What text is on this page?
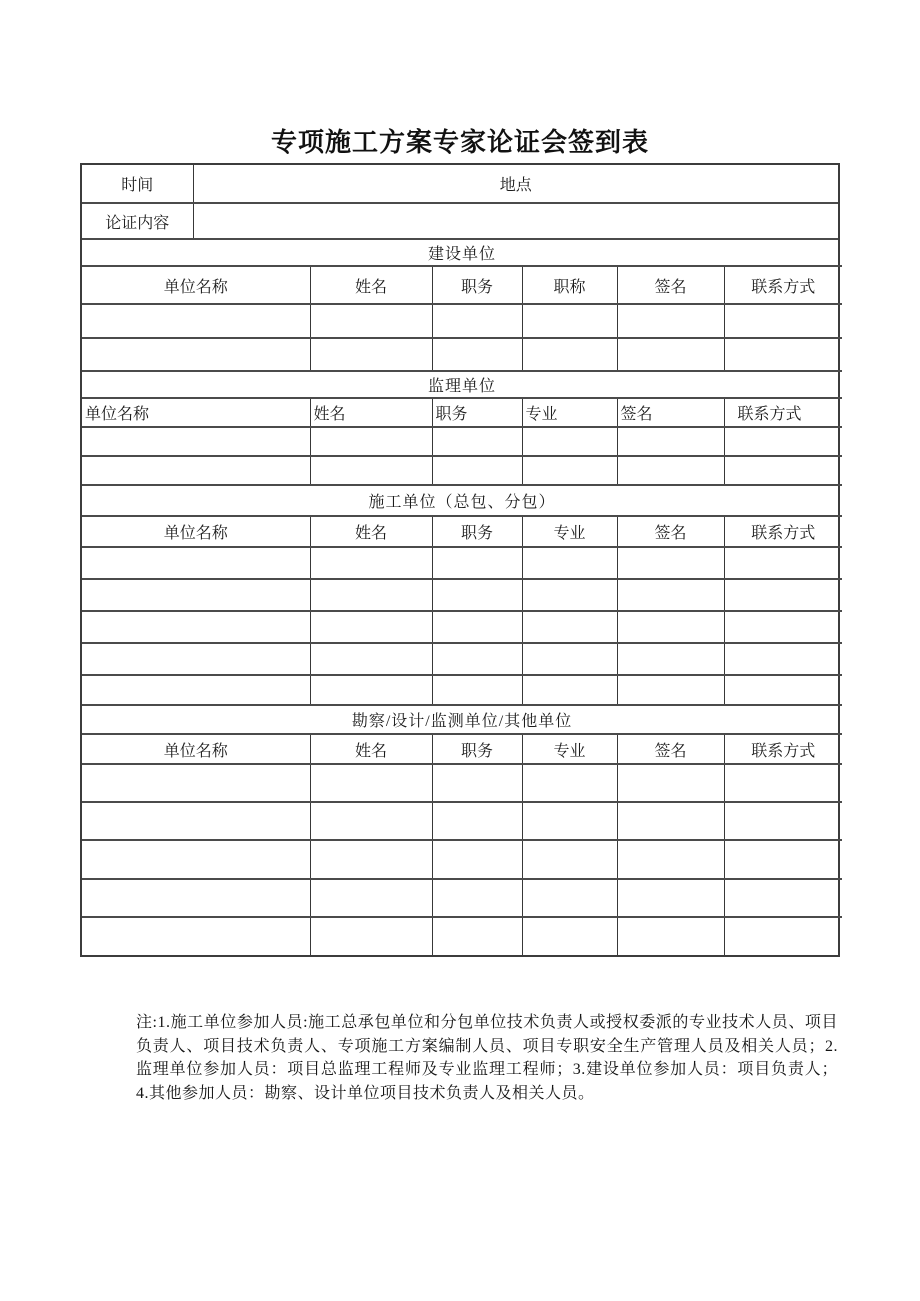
专项施工方案专家论证会签到表
时间	地点
论证内容	
建设单位					
单位名称	姓名	职务	职称	签名	联系方式

监理单位					
单位名称	姓名	职务	专业	签名	联系方式

施工单位（总包、分包）					
单位名称	姓名	职务	专业	签名	联系方式

勘察/设计/监测单位/其他单位					
单位名称	姓名	职务	专业	签名	联系方式

注:1.施工单位参加人员:施工总承包单位和分包单位技术负责人或授权委派的专业技术人员、项目负责人、项目技术负责人、专项施工方案编制人员、项目专职安全生产管理人员及相关人员；2.监理单位参加人员：项目总监理工程师及专业监理工程师；3.建设单位参加人员：项目负责人；4.其他参加人员：勘察、设计单位项目技术负责人及相关人员。
